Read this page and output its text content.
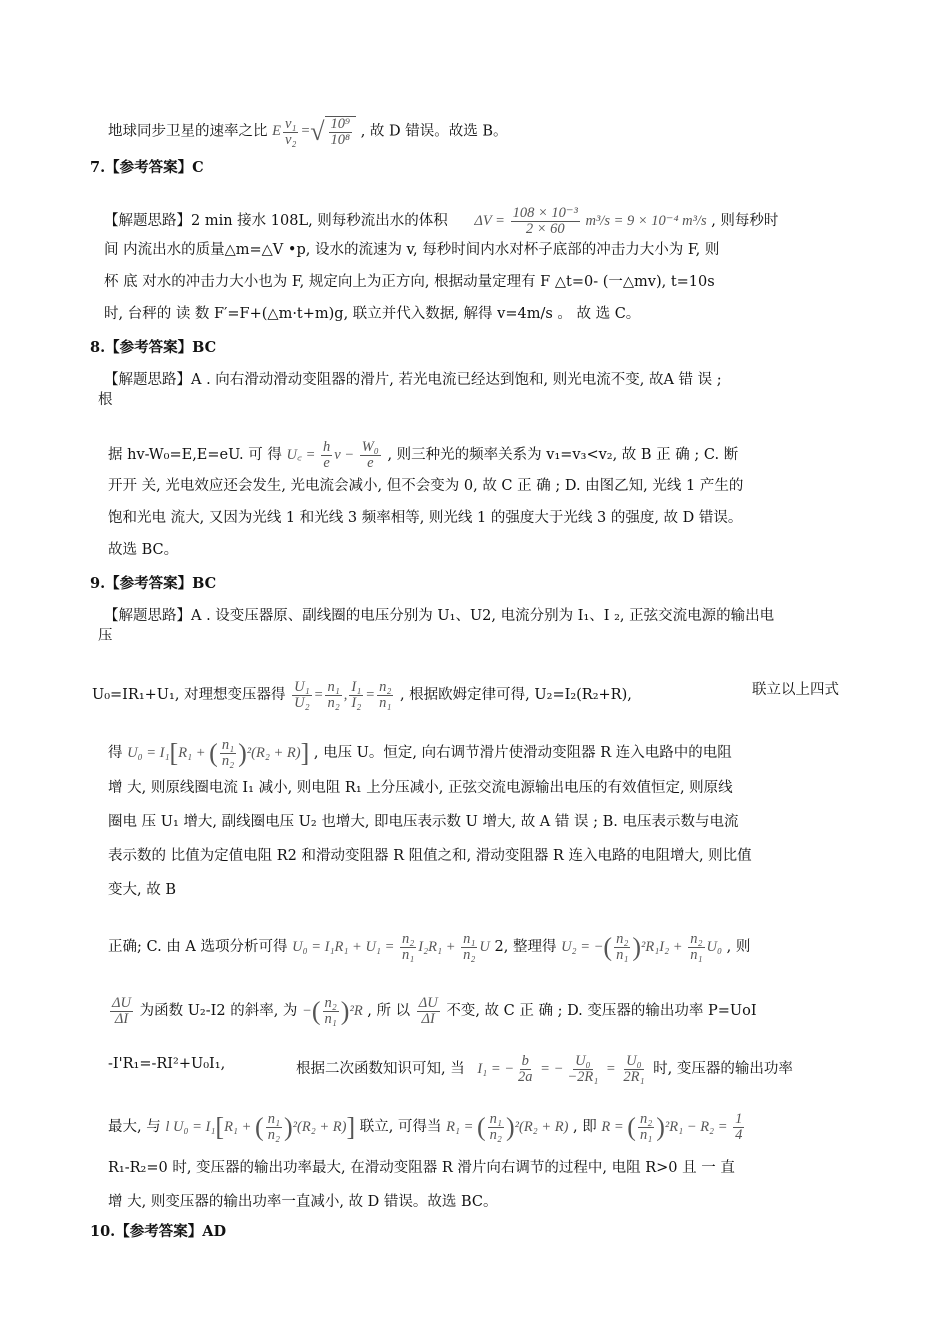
地球同步卫星的速率之比 E $\frac{\text{v₁}}{\text{v₂}}$ = √ $\frac{\text{10⁹}}{\text{10⁸}}$ , 故 D 错误。故选 B。
7.【参考答案】C
【解题思路】2 min 接水 108L, 则每秒流出水的体积 $\Delta V = \frac{\text{108 × 10⁻³}}{2 \times 60} m^3/s = 9 \times 10^{-4}$ m³/s , 则每秒时
间 内流出水的质量△m=△V •p, 设水的流速为 v, 每秒时间内水对杯子底部的冲击力大小为 F, 则
杯 底 对水的冲击力大小也为 F, 规定向上为正方向, 根据动量定理有 F △t=0- (一△mv), t=10s
时, 台秤的 读 数 F′=F+(△m·t+m)g, 联立并代入数据, 解得 v=4m/s 。 故 选 C。
8.【参考答案】BC
【解题思路】A . 向右滑动滑动变阻器的滑片, 若光电流已经达到饱和, 则光电流不变, 故A 错 误 ;
根
据 hv-W₀=E,E=eU. 可 得 U꜀ = $\frac{h}{e}$ $\nu - \frac{\text{W₀}}{e}$ , 则三种光的频率关系为 v₁=v₃<v₂, 故 B 正 确 ; C. 断
开开 关, 光电效应还会发生, 光电流会减小, 但不会变为 0, 故 C 正 确 ; D. 由图乙知, 光线 1 产生的
饱和光电 流大, 又因为光线 1 和光线 3 频率相等, 则光线 1 的强度大于光线 3 的强度, 故 D 错误。
故选 BC。
9.【参考答案】BC
【解题思路】A . 设变压器原、副线圈的电压分别为 U₁、U2, 电流分别为 I₁、I ₂, 正弦交流电源的输出电
压
U₀=IR₁+U₁, 对理想变压器得 $\frac{\text{U₁}}{\text{U₂}} = \frac{\text{n₁}}{\text{n₂}}$ , $\frac{\text{I₁}}{\text{I₂}} = \frac{\text{n₂}}{\text{n₁}}$ , 根据欧姆定律可得, U₂=I₂(R₂+R),	联立以上四式
得 U₀ = I₁[R₁ + ( $\frac{\text{n₁}}{\text{n₂}} )^2(R_2 + R)$] , 电压 U。恒定, 向右调节滑片使滑动变阻器 R 连入电路中的电阻
增 大, 则原线圈电流 I₁ 减小, 则电阻 R₁ 上分压减小, 正弦交流电源输出电压的有效值恒定, 则原线
圈电 压 U₁ 增大, 副线圈电压 U₂ 也增大, 即电压表示数 U 增大, 故 A 错 误 ; B. 电压表示数与电流
表示数的 比值为定值电阻 R2 和滑动变阻器 R 阻值之和, 滑动变阻器 R 连入电路的电阻增大, 则比值
变大, 故 B
正确; C. 由 A 选项分析可得 $U_0 = I_1R_1 + U_1 = \frac{\text{n₂}}{\text{n₁}} I_2R_1 + \frac{\text{n₁}}{\text{n₂}}$ U 2, 整理得 U₂ = −( $\frac{\text{n₂}}{\text{n₁}} )^2R_1I_2 + \frac{\text{n₂}}{\text{n₁}} U_0$ , 则
$\frac{\Delta U}{\Delta I}$ 为函数 U₂-I2 的斜率, 为 −( $\frac{\text{n₂}}{\text{n₁}} )^2R$ , 所 以 $\frac{\Delta U}{\Delta I}$ 不变, 故 C 正 确 ; D. 变压器的输出功率 P=UoI
-I'R₁=-RI²+U₀I₁,	根据二次函数知识可知, 当 I₁ = − $\frac{b}{2a}$ = − $\frac{\text{U₀}}{\text{−2R₁}} = \frac{\text{U₀}}{\text{2R₁}}$ 时, 变压器的输出功率
最大, 与 l U₀ = I₁[R₁ + ( $\frac{\text{n₁}}{\text{n₂}} )^2(R_2 + R)$] 联立, 可得当 R₁ = ( $\frac{\text{n₁}}{\text{n₂}} )^2(R_2 + R)$ , 即 R = ( $\frac{\text{n₂}}{\text{n₁}} )^2R_1 - R_2 = \frac{1}{4}$
R₁-R₂=0 时, 变压器的输出功率最大, 在滑动变阻器 R 滑片向右调节的过程中, 电阻 R>0 且 一 直
增 大, 则变压器的输出功率一直减小, 故 D 错误。故选 BC。
10.【参考答案】AD
